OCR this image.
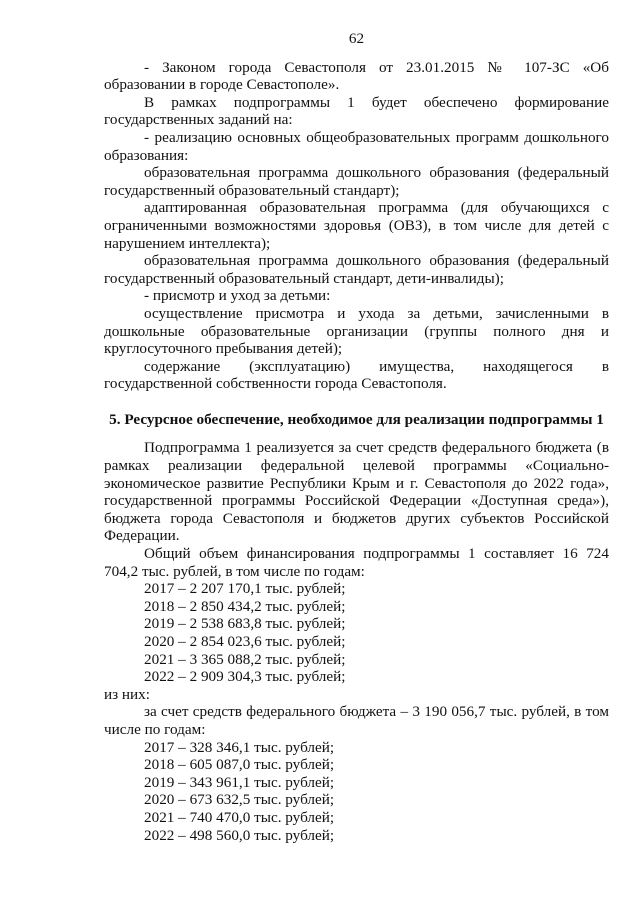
62

- Законом города Севастополя от 23.01.2015 № 107-ЗС «Об образовании в городе Севастополе».

В рамках подпрограммы 1 будет обеспечено формирование государственных заданий на:

- реализацию основных общеобразовательных программ дошкольного образования:

образовательная программа дошкольного образования (федеральный государственный образовательный стандарт);

адаптированная образовательная программа (для обучающихся с ограниченными возможностями здоровья (ОВЗ), в том числе для детей с нарушением интеллекта);

образовательная программа дошкольного образования (федеральный государственный образовательный стандарт, дети-инвалиды);

- присмотр и уход за детьми:

осуществление присмотра и ухода за детьми, зачисленными в дошкольные образовательные организации (группы полного дня и круглосуточного пребывания детей);

содержание (эксплуатацию) имущества, находящегося в государственной собственности города Севастополя.

5. Ресурсное обеспечение, необходимое для реализации подпрограммы 1

Подпрограмма 1 реализуется за счет средств федерального бюджета (в рамках реализации федеральной целевой программы «Социально-экономическое развитие Республики Крым и г. Севастополя до 2022 года», государственной программы Российской Федерации «Доступная среда»), бюджета города Севастополя и бюджетов других субъектов Российской Федерации.

Общий объем финансирования подпрограммы 1 составляет 16 724 704,2 тыс. рублей, в том числе по годам:

2017 – 2 207 170,1 тыс. рублей;

2018 – 2 850 434,2 тыс. рублей;

2019 – 2 538 683,8 тыс. рублей;

2020 – 2 854 023,6 тыс. рублей;

2021 – 3 365 088,2 тыс. рублей;

2022 – 2 909 304,3 тыс. рублей;

из них:

за счет средств федерального бюджета – 3 190 056,7 тыс. рублей, в том числе по годам:

2017 – 328 346,1 тыс. рублей;

2018 – 605 087,0 тыс. рублей;

2019 – 343 961,1 тыс. рублей;

2020 – 673 632,5 тыс. рублей;

2021 – 740 470,0 тыс. рублей;

2022 – 498 560,0 тыс. рублей;
